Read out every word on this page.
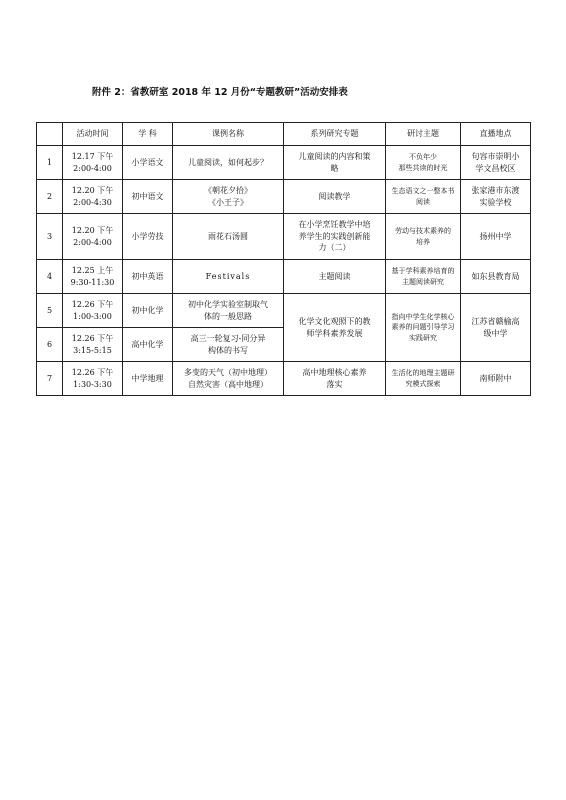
附件 2：省教研室 2018 年 12 月份“专题教研”活动安排表
	活动时间	学 科	课例名称	系列研究专题	研讨主题	直播地点
1	12.17 下午
2:00-4:00	小学语文	儿童阅读，如何起步？	儿童阅读的内容和策
略	不负年少
那些共读的时光	句容市崇明小
学文昌校区

2	12.20 下午
2:00-4:30	初中语文	《朝花夕拾》
《小王子》	阅读教学	生态语文之一整本书
阅读	张家港市东渡
实验学校

3	12.20 下午
2:00-4:00	小学劳技	雨花石汤圆	在小学烹饪教学中培
养学生的实践创新能
力（二）	劳动与技术素养的
培养	扬州中学

4	12.25 上午
9:30-11:30	初中英语	Festivals	主题阅读	基于学科素养培育的
主题阅读研究	如东县教育局

5	12.26 下午
1:00-3:00	初中化学	初中化学实验室制取气
体的一般思路	化学文化观照下的教
师学科素养发展	指向中学生化学核心
素养的问题引导学习
实践研究	江苏省赣榆高
级中学

6	12.26 下午
3:15-5:15	高中化学	高三一轮复习-同分异
构体的书写			

7	12.26 下午
1:30-3:30	中学地理	多变的天气（初中地理）
自然灾害（高中地理）	高中地理核心素养
落实	生活化的地理主题研
究模式探索	南师附中
